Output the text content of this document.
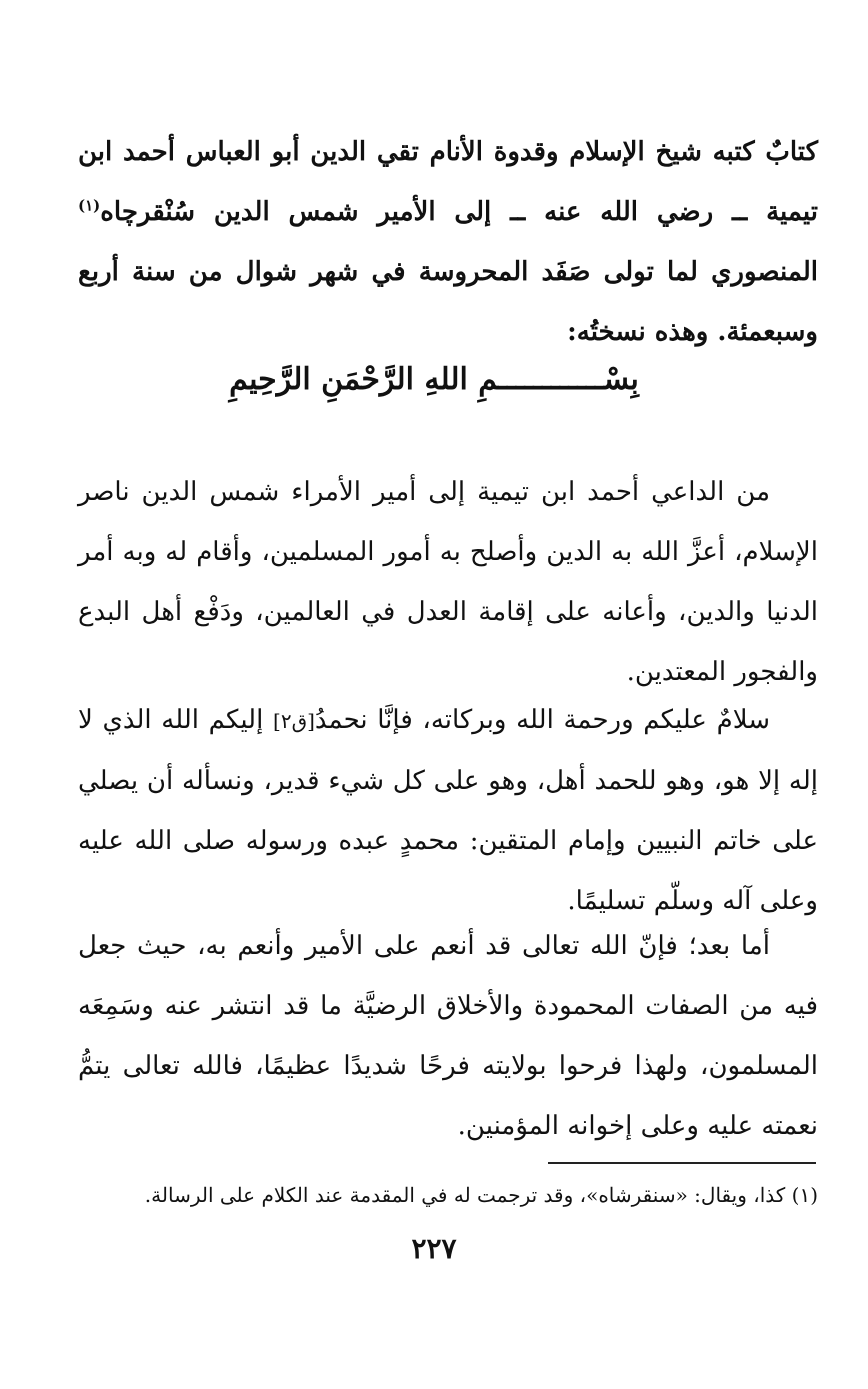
كتابٌ كتبه شيخ الإسلام وقدوة الأنام تقي الدين أبو العباس أحمد ابن تيمية ــ رضي الله عنه ــ إلى الأمير شمس الدين سُنْقرچاه$^{(١)}$ المنصوري لما تولى صَفَد المحروسة في شهر شوال من سنة أربع وسبعمئة. وهذه نسختُه:
بِسْــــــــــــمِ اللهِ الرَّحْمَنِ الرَّحِيمِ
من الداعي أحمد ابن تيمية إلى أمير الأمراء شمس الدين ناصر الإسلام، أعزَّ الله به الدين وأصلح به أمور المسلمين، وأقام له وبه أمر الدنيا والدين، وأعانه على إقامة العدل في العالمين، ودَفْع أهل البدع والفجور المعتدين.
سلامٌ عليكم ورحمة الله وبركاته، فإنَّا نحمدُ[ق٢] إليكم الله الذي لا إله إلا هو، وهو للحمد أهل، وهو على كل شيء قدير، ونسأله أن يصلي على خاتم النبيين وإمام المتقين: محمدٍ عبده ورسوله صلى الله عليه وعلى آله وسلّم تسليمًا.
أما بعد؛ فإنّ الله تعالى قد أنعم على الأمير وأنعم به، حيث جعل فيه من الصفات المحمودة والأخلاق الرضيَّة ما قد انتشر عنه وسَمِعَه المسلمون، ولهذا فرحوا بولايته فرحًا شديدًا عظيمًا، فالله تعالى يتمُّ نعمته عليه وعلى إخوانه المؤمنين.
(١) كذا، ويقال: «سنقرشاه»، وقد ترجمت له في المقدمة عند الكلام على الرسالة.
٢٢٧
